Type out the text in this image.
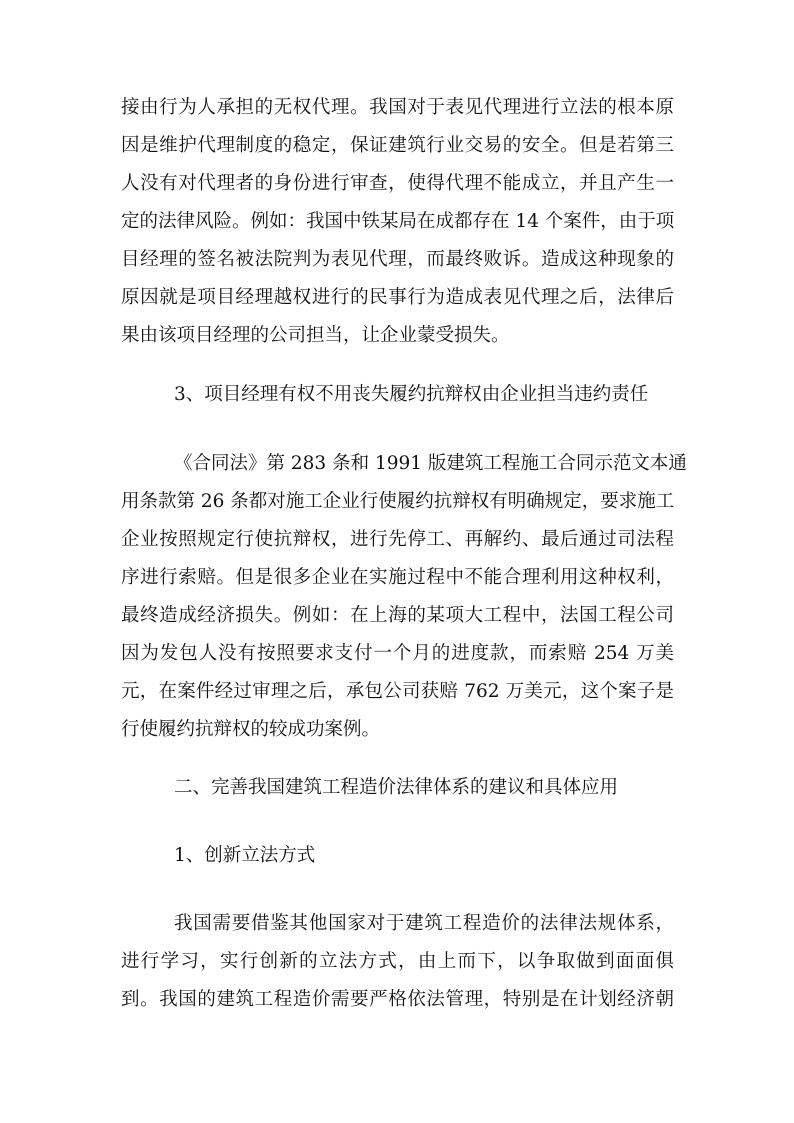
接由行为人承担的无权代理。我国对于表见代理进行立法的根本原
因是维护代理制度的稳定，保证建筑行业交易的安全。但是若第三
人没有对代理者的身份进行审查，使得代理不能成立，并且产生一
定的法律风险。例如：我国中铁某局在成都存在 14 个案件，由于项
目经理的签名被法院判为表见代理，而最终败诉。造成这种现象的
原因就是项目经理越权进行的民事行为造成表见代理之后，法律后
果由该项目经理的公司担当，让企业蒙受损失。
3、项目经理有权不用丧失履约抗辩权由企业担当违约责任
《合同法》第 283 条和 1991 版建筑工程施工合同示范文本通
用条款第 26 条都对施工企业行使履约抗辩权有明确规定，要求施工
企业按照规定行使抗辩权，进行先停工、再解约、最后通过司法程
序进行索赔。但是很多企业在实施过程中不能合理利用这种权利，
最终造成经济损失。例如：在上海的某项大工程中，法国工程公司
因为发包人没有按照要求支付一个月的进度款，而索赔 254 万美
元，在案件经过审理之后，承包公司获赔 762 万美元，这个案子是
行使履约抗辩权的较成功案例。
二、完善我国建筑工程造价法律体系的建议和具体应用
1、创新立法方式
我国需要借鉴其他国家对于建筑工程造价的法律法规体系，
进行学习，实行创新的立法方式，由上而下，以争取做到面面俱
到。我国的建筑工程造价需要严格依法管理，特别是在计划经济朝
